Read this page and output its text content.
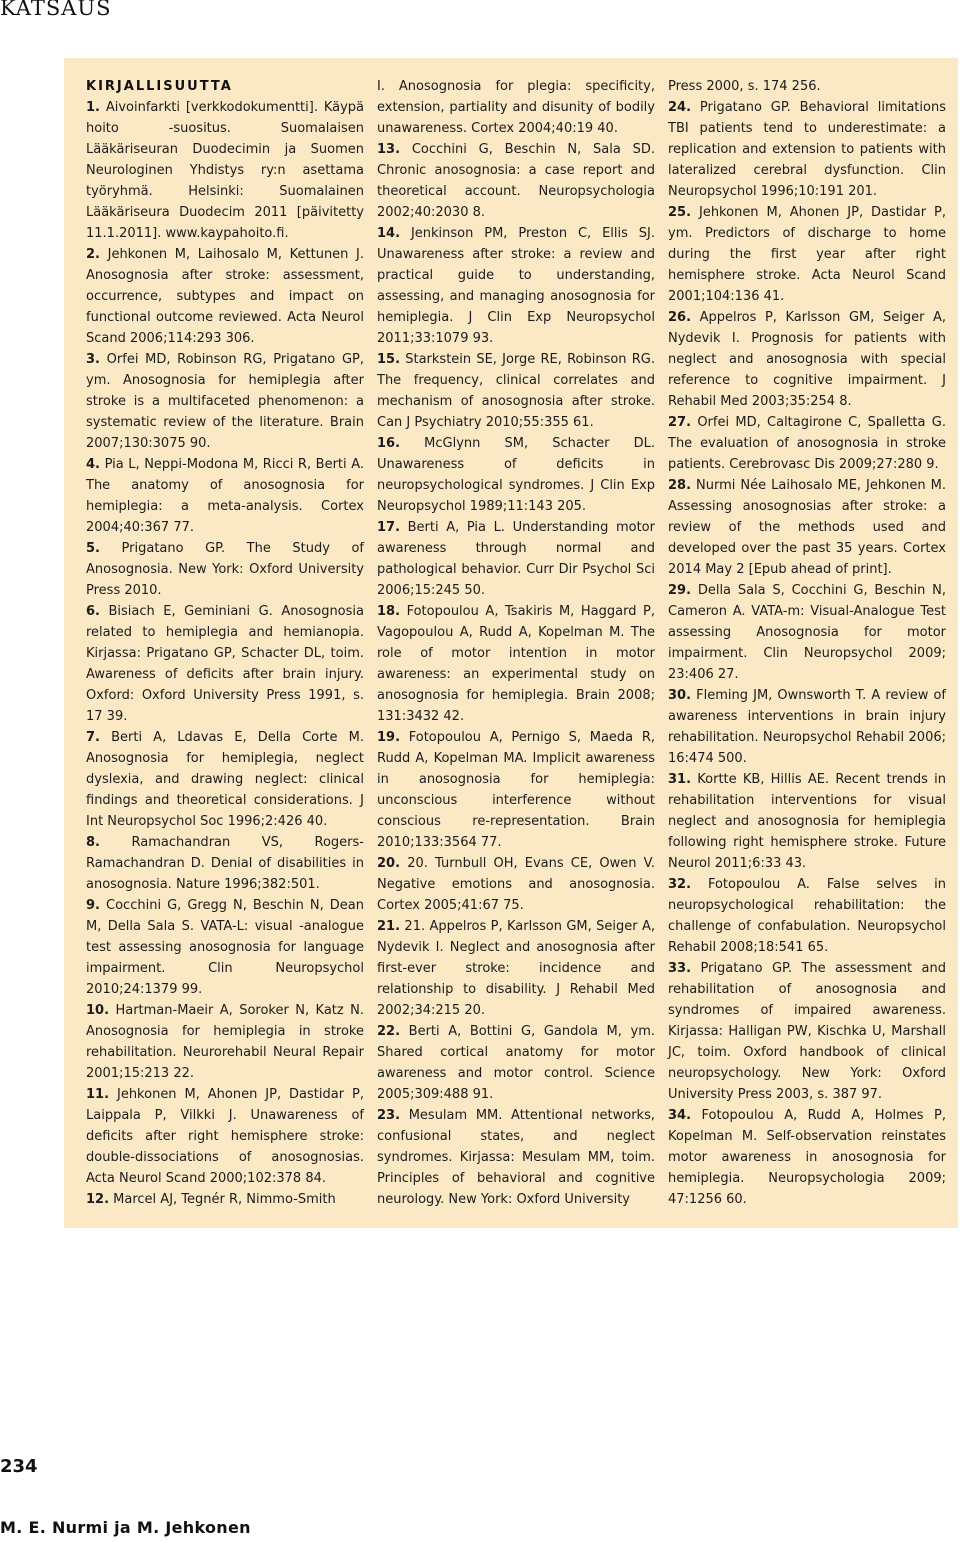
KATSAUS
KIRJALLISUUTTA

1. Aivoinfarkti [verkkodokumentti]. Käypä hoito -suositus. Suomalaisen Lääkäriseuran Duodecimin ja Suomen Neurologinen Yhdistys ry:n asettama työryhmä. Helsinki: Suomalainen Lääkäriseura Duodecim 2011 [päivitetty 11.1.2011]. www.kaypahoito.fi.

2. Jehkonen M, Laihosalo M, Kettunen J. Anosognosia after stroke: assessment, occurrence, subtypes and impact on functional outcome reviewed. Acta Neurol Scand 2006;114:293 306.

3. Orfei MD, Robinson RG, Prigatano GP, ym. Anosognosia for hemiplegia after stroke is a multifaceted phenomenon: a systematic review of the literature. Brain 2007;130:3075 90.

4. Pia L, Neppi-Modona M, Ricci R, Berti A. The anatomy of anosognosia for hemiplegia: a meta-analysis. Cortex 2004;40:367 77.

5. Prigatano GP. The Study of Anosognosia. New York: Oxford University Press 2010.

6. Bisiach E, Geminiani G. Anosognosia related to hemiplegia and hemianopia. Kirjassa: Prigatano GP, Schacter DL, toim. Awareness of deficits after brain injury. Oxford: Oxford University Press 1991, s. 17 39.

7. Berti A, Ldavas E, Della Corte M. Anosognosia for hemiplegia, neglect dyslexia, and drawing neglect: clinical findings and theoretical considerations. J Int Neuropsychol Soc 1996;2:426 40.

8. Ramachandran VS, Rogers-Ramachandran D. Denial of disabilities in anosognosia. Nature 1996;382:501.

9. Cocchini G, Gregg N, Beschin N, Dean M, Della Sala S. VATA-L: visual -analogue test assessing anosognosia for language impairment. Clin Neuropsychol 2010;24:1379 99.

10. Hartman-Maeir A, Soroker N, Katz N. Anosognosia for hemiplegia in stroke rehabilitation. Neurorehabil Neural Repair 2001;15:213 22.

11. Jehkonen M, Ahonen JP, Dastidar P, Laippala P, Vilkki J. Unawareness of deficits after right hemisphere stroke: double-dissociations of anosognosias. Acta Neurol Scand 2000;102:378 84.

12. Marcel AJ, Tegnér R, Nimmo-Smith

I. Anosognosia for plegia: specificity, extension, partiality and disunity of bodily unawareness. Cortex 2004;40:19 40.

13. Cocchini G, Beschin N, Sala SD. Chronic anosognosia: a case report and theoretical account. Neuropsychologia 2002;40:2030 8.

14. Jenkinson PM, Preston C, Ellis SJ. Unawareness after stroke: a review and practical guide to understanding, assessing, and managing anosognosia for hemiplegia. J Clin Exp Neuropsychol 2011;33:1079 93.

15. Starkstein SE, Jorge RE, Robinson RG. The frequency, clinical correlates and mechanism of anosognosia after stroke. Can J Psychiatry 2010;55:355 61.

16. McGlynn SM, Schacter DL. Unawareness of deficits in neuropsychological syndromes. J Clin Exp Neuropsychol 1989;11:143 205.

17. Berti A, Pia L. Understanding motor awareness through normal and pathological behavior. Curr Dir Psychol Sci 2006;15:245 50.

18. Fotopoulou A, Tsakiris M, Haggard P, Vagopoulou A, Rudd A, Kopelman M. The role of motor intention in motor awareness: an experimental study on anosognosia for hemiplegia. Brain 2008; 131:3432 42.

19. Fotopoulou A, Pernigo S, Maeda R, Rudd A, Kopelman MA. Implicit awareness in anosognosia for hemiplegia: unconscious interference without conscious re-representation. Brain 2010;133:3564 77.

20. 20. Turnbull OH, Evans CE, Owen V. Negative emotions and anosognosia. Cortex 2005;41:67 75.

21. 21. Appelros P, Karlsson GM, Seiger A, Nydevik I. Neglect and anosognosia after first-ever stroke: incidence and relationship to disability. J Rehabil Med 2002;34:215 20.

22. Berti A, Bottini G, Gandola M, ym. Shared cortical anatomy for motor awareness and motor control. Science 2005;309:488 91.

23. Mesulam MM. Attentional networks, confusional states, and neglect syndromes. Kirjassa: Mesulam MM, toim. Principles of behavioral and cognitive neurology. New York: Oxford University

Press 2000, s. 174 256.

24. Prigatano GP. Behavioral limitations TBI patients tend to underestimate: a replication and extension to patients with lateralized cerebral dysfunction. Clin Neuropsychol 1996;10:191 201.

25. Jehkonen M, Ahonen JP, Dastidar P, ym. Predictors of discharge to home during the first year after right hemisphere stroke. Acta Neurol Scand 2001;104:136 41.

26. Appelros P, Karlsson GM, Seiger A, Nydevik I. Prognosis for patients with neglect and anosognosia with special reference to cognitive impairment. J Rehabil Med 2003;35:254 8.

27. Orfei MD, Caltagirone C, Spalletta G. The evaluation of anosognosia in stroke patients. Cerebrovasc Dis 2009;27:280 9.

28. Nurmi Née Laihosalo ME, Jehkonen M. Assessing anosognosias after stroke: a review of the methods used and developed over the past 35 years. Cortex 2014 May 2 [Epub ahead of print].

29. Della Sala S, Cocchini G, Beschin N, Cameron A. VATA-m: Visual-Analogue Test assessing Anosognosia for motor impairment. Clin Neuropsychol 2009; 23:406 27.

30. Fleming JM, Ownsworth T. A review of awareness interventions in brain injury rehabilitation. Neuropsychol Rehabil 2006; 16:474 500.

31. Kortte KB, Hillis AE. Recent trends in rehabilitation interventions for visual neglect and anosognosia for hemiplegia following right hemisphere stroke. Future Neurol 2011;6:33 43.

32. Fotopoulou A. False selves in neuropsychological rehabilitation: the challenge of confabulation. Neuropsychol Rehabil 2008;18:541 65.

33. Prigatano GP. The assessment and rehabilitation of anosognosia and syndromes of impaired awareness. Kirjassa: Halligan PW, Kischka U, Marshall JC, toim. Oxford handbook of clinical neuropsychology. New York: Oxford University Press 2003, s. 387 97.

34. Fotopoulou A, Rudd A, Holmes P, Kopelman M. Self-observation reinstates motor awareness in anosognosia for hemiplegia. Neuropsychologia 2009; 47:1256 60.

234
M. E. Nurmi ja M. Jehkonen
